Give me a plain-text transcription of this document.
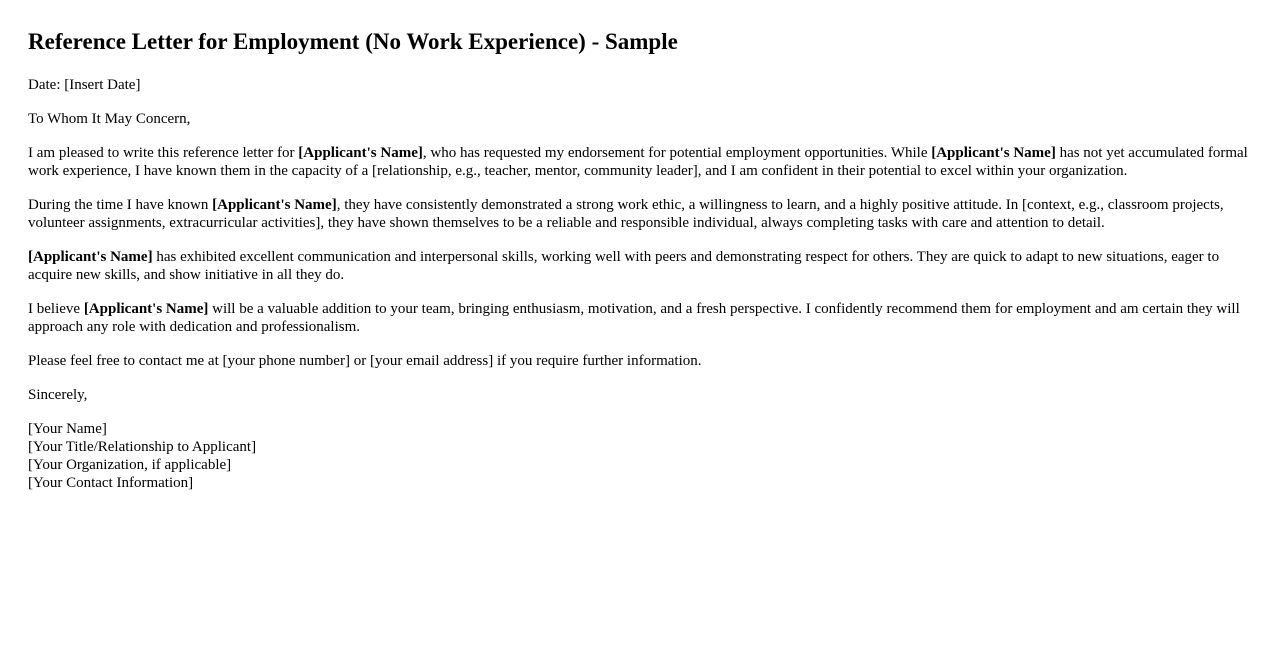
Reference Letter for Employment (No Work Experience) - Sample

Date: [Insert Date]

To Whom It May Concern,

I am pleased to write this reference letter for [Applicant's Name], who has requested my endorsement for potential employment opportunities. While [Applicant's Name] has not yet accumulated formal work experience, I have known them in the capacity of a [relationship, e.g., teacher, mentor, community leader], and I am confident in their potential to excel within your organization.

During the time I have known [Applicant's Name], they have consistently demonstrated a strong work ethic, a willingness to learn, and a highly positive attitude. In [context, e.g., classroom projects, volunteer assignments, extracurricular activities], they have shown themselves to be a reliable and responsible individual, always completing tasks with care and attention to detail.

[Applicant's Name] has exhibited excellent communication and interpersonal skills, working well with peers and demonstrating respect for others. They are quick to adapt to new situations, eager to acquire new skills, and show initiative in all they do.

I believe [Applicant's Name] will be a valuable addition to your team, bringing enthusiasm, motivation, and a fresh perspective. I confidently recommend them for employment and am certain they will approach any role with dedication and professionalism.

Please feel free to contact me at [your phone number] or [your email address] if you require further information.

Sincerely,

[Your Name]
[Your Title/Relationship to Applicant]
[Your Organization, if applicable]
[Your Contact Information]
